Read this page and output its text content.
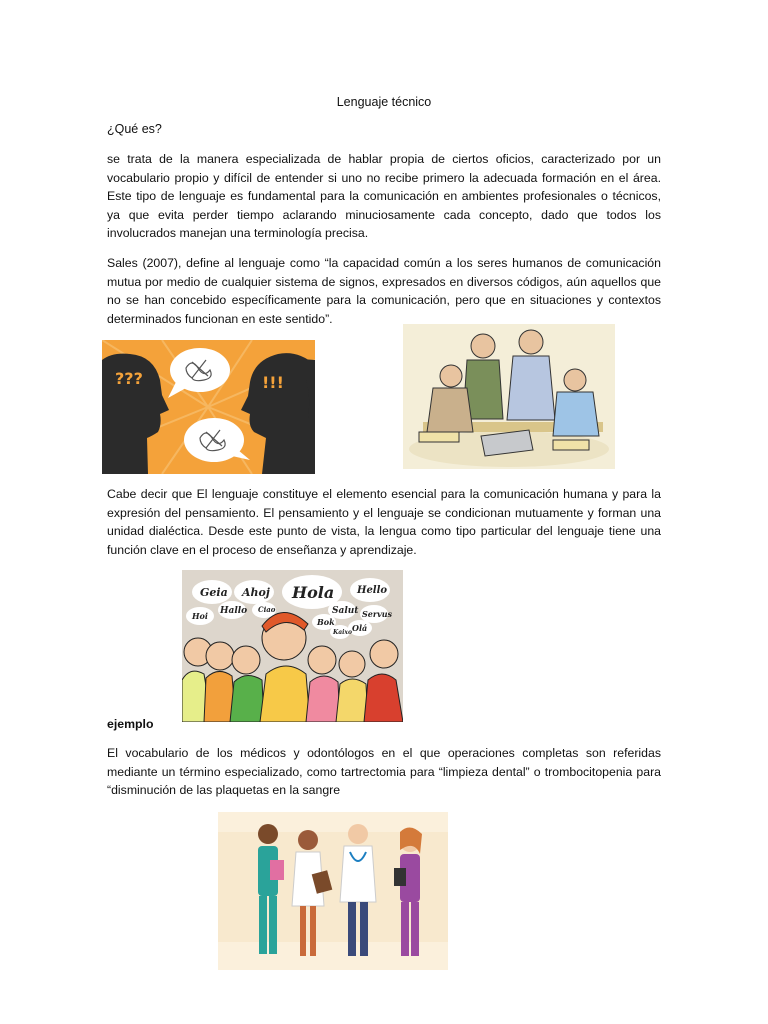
Lenguaje técnico
¿Qué es?

se trata de la manera especializada de hablar propia de ciertos oficios, caracterizado por un vocabulario propio y difícil de entender si uno no recibe primero la adecuada formación en el área. Este tipo de lenguaje es fundamental para la comunicación en ambientes profesionales o técnicos, ya que evita perder tiempo aclarando minuciosamente cada concepto, dado que todos los involucrados manejan una terminología precisa.

Sales (2007), define al lenguaje como “la capacidad común a los seres humanos de comunicación mutua por medio de cualquier sistema de signos, expresados en diversos códigos, aún aquellos que no se han concebido específicamente para la comunicación, pero que en situaciones y contextos determinados funcionan en este sentido”.

???	!!!

Cabe decir que El lenguaje constituye el elemento esencial para la comunicación humana y para la expresión del pensamiento. El pensamiento y el lenguaje se condicionan mutuamente y forman una unidad dialéctica. Desde este punto de vista, la lengua como tipo particular del lenguaje tiene una función clave en el proceso de enseñanza y aprendizaje.

Geia Ahoj Hola Hello
Hoi Hallo Ciao	Salut Servus
Bok
Kaixo Olá
ejemplo

El vocabulario de los médicos y odontólogos en el que operaciones completas son referidas mediante un término especializado, como tartrectomia para “limpieza dental” o trombocitopenia para “disminución de las plaquetas en la sangre
